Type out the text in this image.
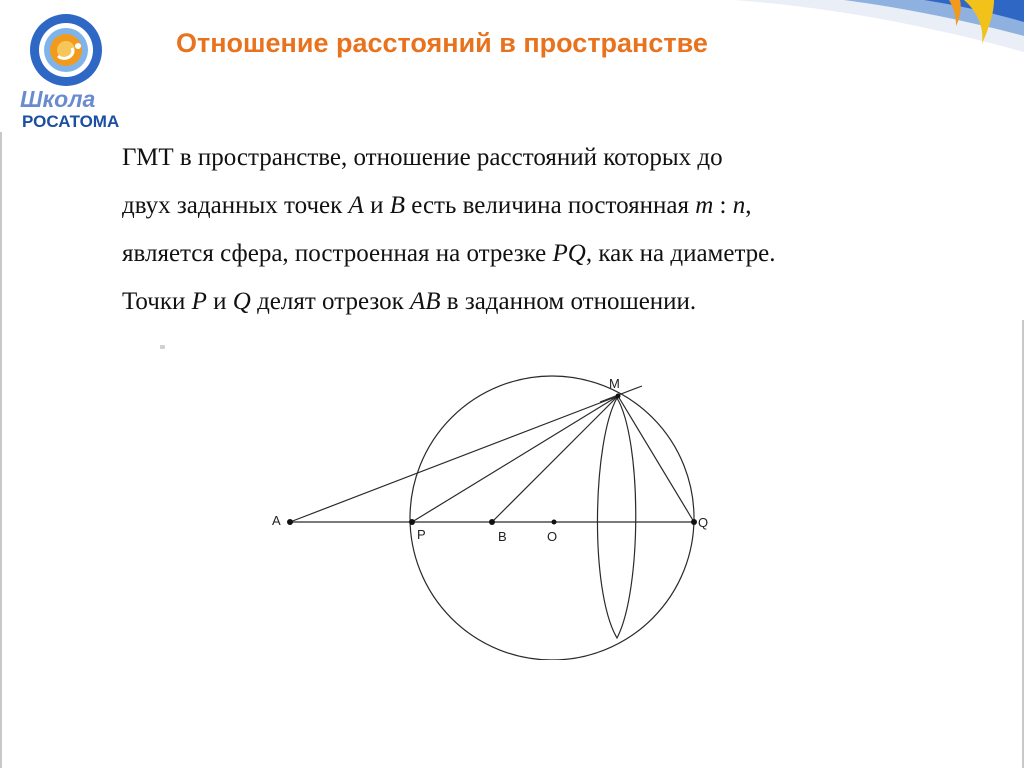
Школа
РОСАТОМА
Отношение расстояний в пространстве
ГМТ в пространстве, отношение расстояний которых до
двух заданных точек A и B есть величина постоянная m : n,
является сфера, построенная на отрезке PQ, как на диаметре.
Точки P и Q делят отрезок AB в заданном отношении.
A
P	B	O
Q
M
